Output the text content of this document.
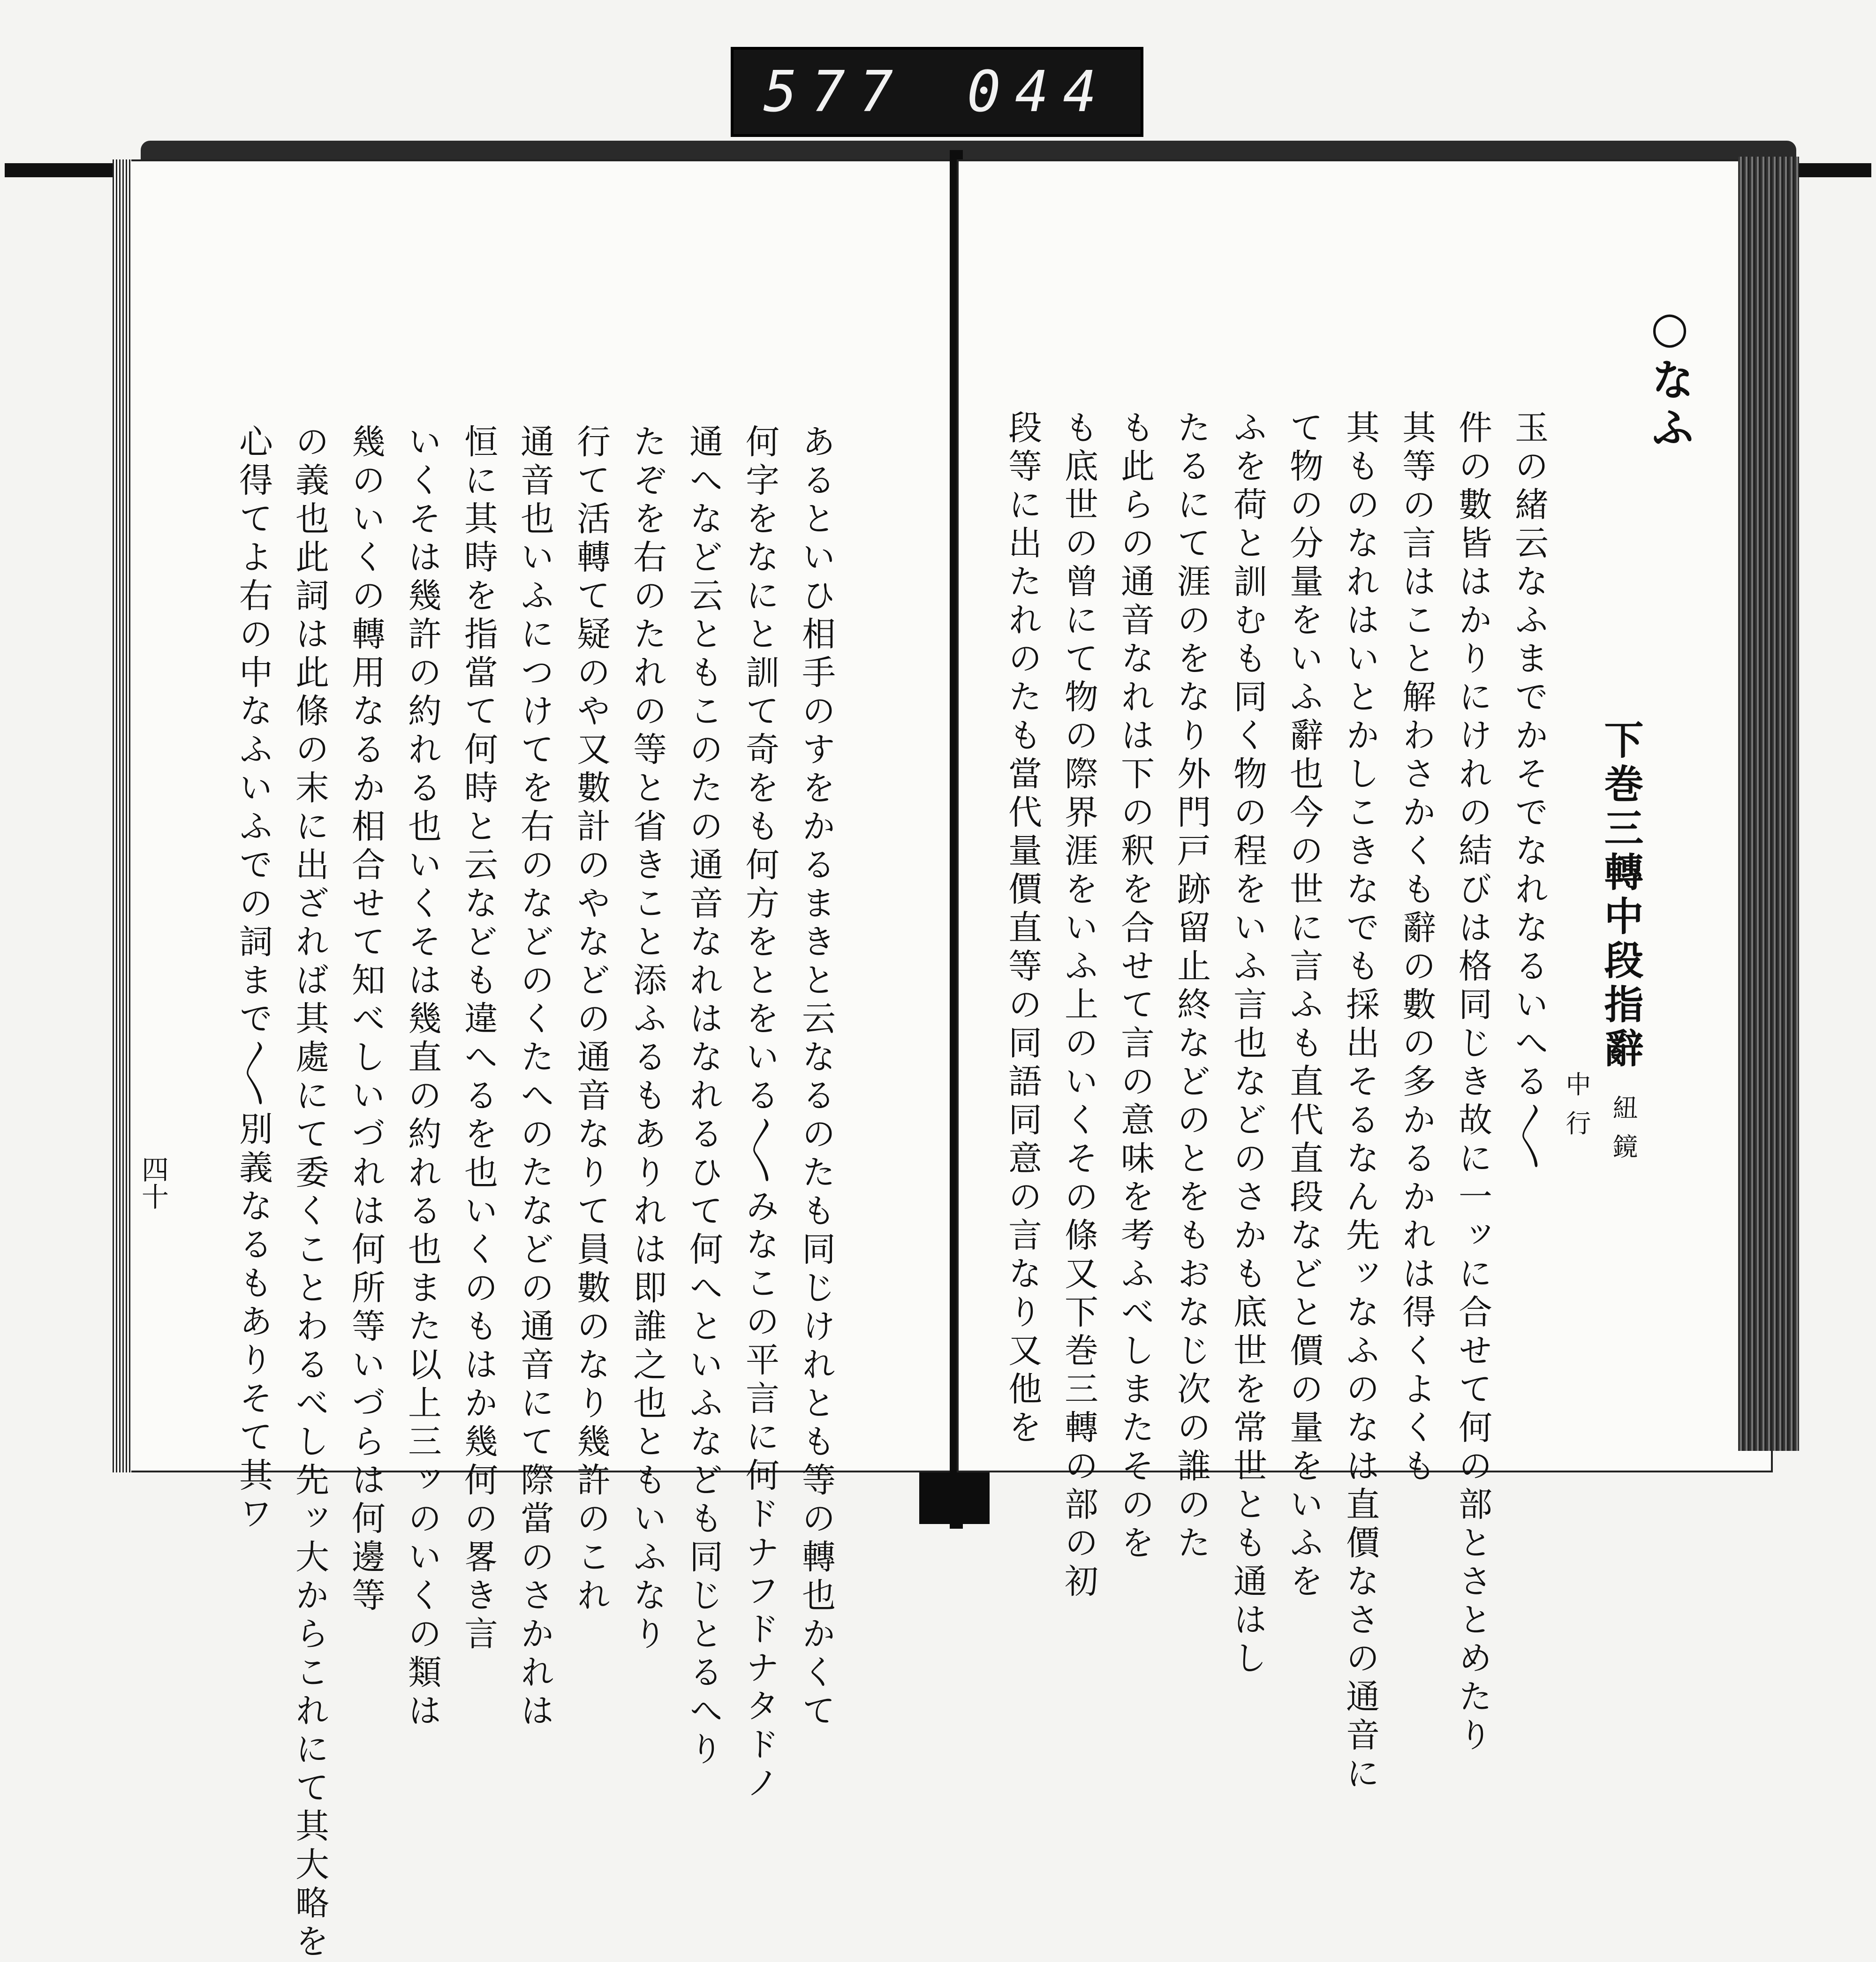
577 044
あるといひ相手のすをかるまきと云なるのたも同じけれとも等の轉也かくて
何字をなにと訓て奇をも何方をとをいる〳〵みなこの平言に何ドナフドナタドノ
通へなど云ともこのたの通音なれはなれるひて何へといふなども同じとるへり
たぞを右のたれの等と省きこと添ふるもありれは即誰之也ともいふなり
行て活轉て疑のや又數計のやなどの通音なりて員數のなり幾許のこれ
通音也いふにつけてを右のなどのくたへのたなどの通音にて際當のさかれは
恒に其時を指當て何時と云なども違へるを也いくのもはか幾何の畧き言
いくそは幾許の約れる也いくそは幾直の約れる也また以上三ッのいくの類は
幾のいくの轉用なるか相合せて知べしいづれは何所等いづらは何邊等
の義也此詞は此條の末に出ざれば其處にて委くことわるべし先ッ大からこれにて其大略を
心得てよ右の中なふいふでの詞まで〳〵別義なるもありそて其ワ
四十
○なふ
下巻三轉中段指辭
中 行 紐 鏡
玉の緒云なふまでかそでなれなるいへる〳〵
件の數皆はかりにけれの結びは格同じき故に一ッに合せて何の部とさとめたり
其等の言はこと解わさかくも辭の數の多かるかれは得くよくも
其ものなれはいとかしこきなでも採出そるなん先ッなふのなは直價なさの通音に
て物の分量をいふ辭也今の世に言ふも直代直段などと價の量をいふを
ふを荷と訓むも同く物の程をいふ言也などのさかも底世を常世とも通はし
たるにて涯のをなり外門戸跡留止終などのとをもおなじ次の誰のた
も此らの通音なれは下の釈を合せて言の意味を考ふべしまたそのを
も底世の曾にて物の際界涯をいふ上のいくその條又下巻三轉の部の初
段等に出たれのたも當代量價直等の同語同意の言なり又他を
